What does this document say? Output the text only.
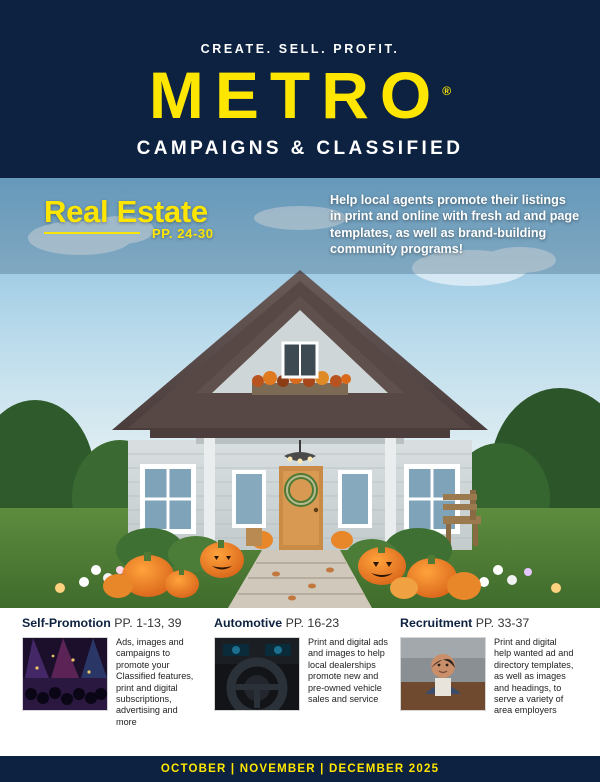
CREATE. SELL. PROFIT.
METRO®
CAMPAIGNS & CLASSIFIED
Real Estate
PP. 24-30
Help local agents promote their listings in print and online with fresh ad and page templates, as well as brand-building community programs!
Self-Promotion PP. 1-13, 39
Ads, images and campaigns to promote your Classified features, print and digital subscriptions, advertising and more
Automotive PP. 16-23
Print and digital ads and images to help local dealerships promote new and pre-owned vehicle sales and service
Recruitment PP. 33-37
Print and digital help wanted ad and directory templates, as well as images and headings, to serve a variety of area employers
OCTOBER | NOVEMBER | DECEMBER 2025
